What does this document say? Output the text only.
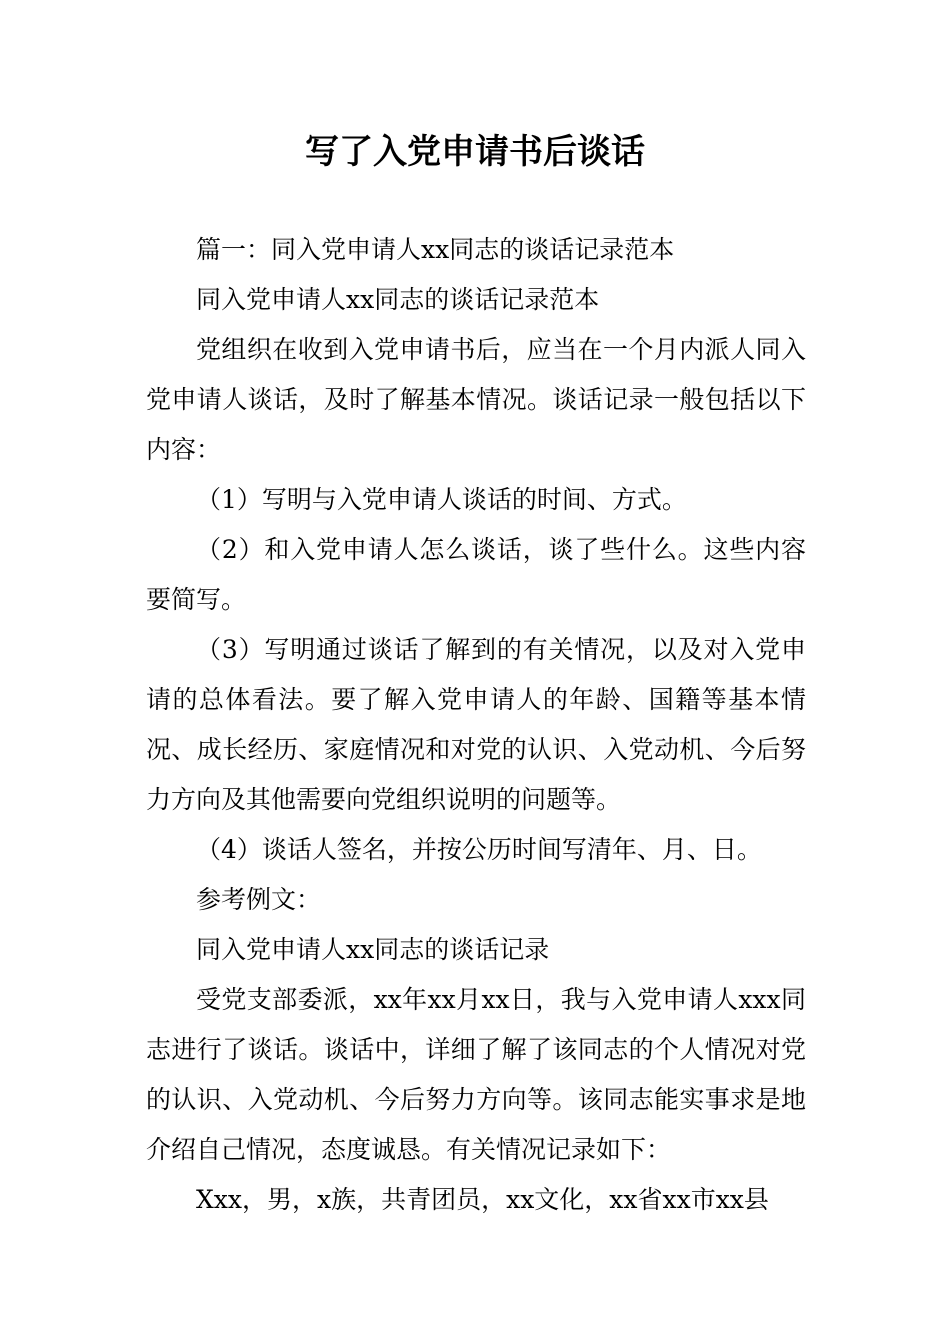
写了入党申请书后谈话

篇一：同入党申请人xx同志的谈话记录范本

同入党申请人xx同志的谈话记录范本

党组织在收到入党申请书后，应当在一个月内派人同入党申请人谈话，及时了解基本情况。谈话记录一般包括以下内容：

（1）写明与入党申请人谈话的时间、方式。

（2）和入党申请人怎么谈话，谈了些什么。这些内容要简写。

（3）写明通过谈话了解到的有关情况，以及对入党申请的总体看法。要了解入党申请人的年龄、国籍等基本情况、成长经历、家庭情况和对党的认识、入党动机、今后努力方向及其他需要向党组织说明的问题等。

（4）谈话人签名，并按公历时间写清年、月、日。

参考例文：

同入党申请人xx同志的谈话记录

受党支部委派，xx年xx月xx日，我与入党申请人xxx同志进行了谈话。谈话中，详细了解了该同志的个人情况对党的认识、入党动机、今后努力方向等。该同志能实事求是地介绍自己情况，态度诚恳。有关情况记录如下：

Xxx，男，x族，共青团员，xx文化，xx省xx市xx县
